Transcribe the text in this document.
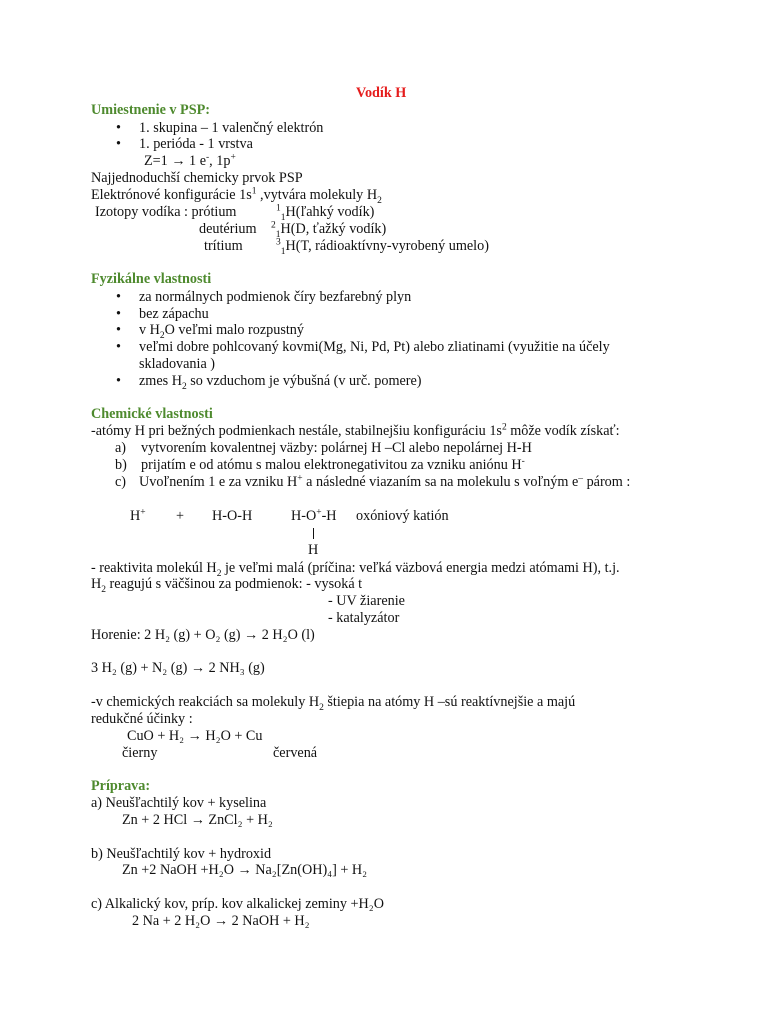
Vodík H
Umiestnenie v PSP:
• 1. skupina – 1 valenčný elektrón
• 1. perióda - 1 vrstva
Z=1 → 1 e-, 1p+
Najjednoduchší chemicky prvok PSP
Elektrónové konfigurácie $1s^1$ ,vytvára molekuly $H_2$
Izotopy vodíka : prótium	$^1_1$H(ľahký vodík)
deutérium $^2_1$H(D, ťažký vodík)
trítium	$^3_1$H(T, rádioaktívny-vyrobený umelo)
Fyzikálne vlastnosti
• za normálnych podmienok číry bezfarebný plyn
• bez zápachu
• v $H_2O$ veľmi malo rozpustný
• veľmi dobre pohlcovaný kovmi(Mg, Ni, Pd, Pt) alebo zliatinami (využitie na účely
skladovania )
• zmes $H_2$ so vzduchom je výbušná (v urč. pomere)
Chemické vlastnosti
-atómy H pri bežných podmienkach nestále, stabilnejšiu konfiguráciu $1s^2$ môže vodík získať:
a) vytvorením kovalentnej väzby: polárnej H –Cl alebo nepolárnej H-H
b) prijatím e od atómu s malou elektronegativitou za vzniku aniónu H-
c) Uvoľnením 1 e za vzniku H+ a následné viazaním sa na molekulu s voľným e– párom :
H+ + H-O-H	H-O+-H oxóniový katión
H
- reaktivita molekúl $H_2$ je veľmi malá (príčina: veľká väzbová energia medzi atómami H), t.j.
$H_2$ reagujú s väčšinou za podmienok: - vysoká t
- UV žiarenie
- katalyzátor
Horenie: 2 H₂ (g) + O₂ (g) → 2 H₂O (l)
3 H₂ (g) + N₂ (g) → 2 NH₃ (g)
-v chemických reakciách sa molekuly $H_2$ štiepia na atómy H –sú reaktívnejšie a majú
redukčné účinky :
CuO + H₂ → H₂O + Cu
čierny	červená
Príprava:
a) Neušľachtilý kov + kyselina
Zn + 2 HCl → ZnCl₂ + H₂
b) Neušľachtilý kov + hydroxid
Zn +2 NaOH +H₂O → Na₂[Zn(OH)₄] + H₂
c) Alkalický kov, príp. kov alkalickej zeminy +H₂O
2 Na + 2 H₂O → 2 NaOH + H₂
